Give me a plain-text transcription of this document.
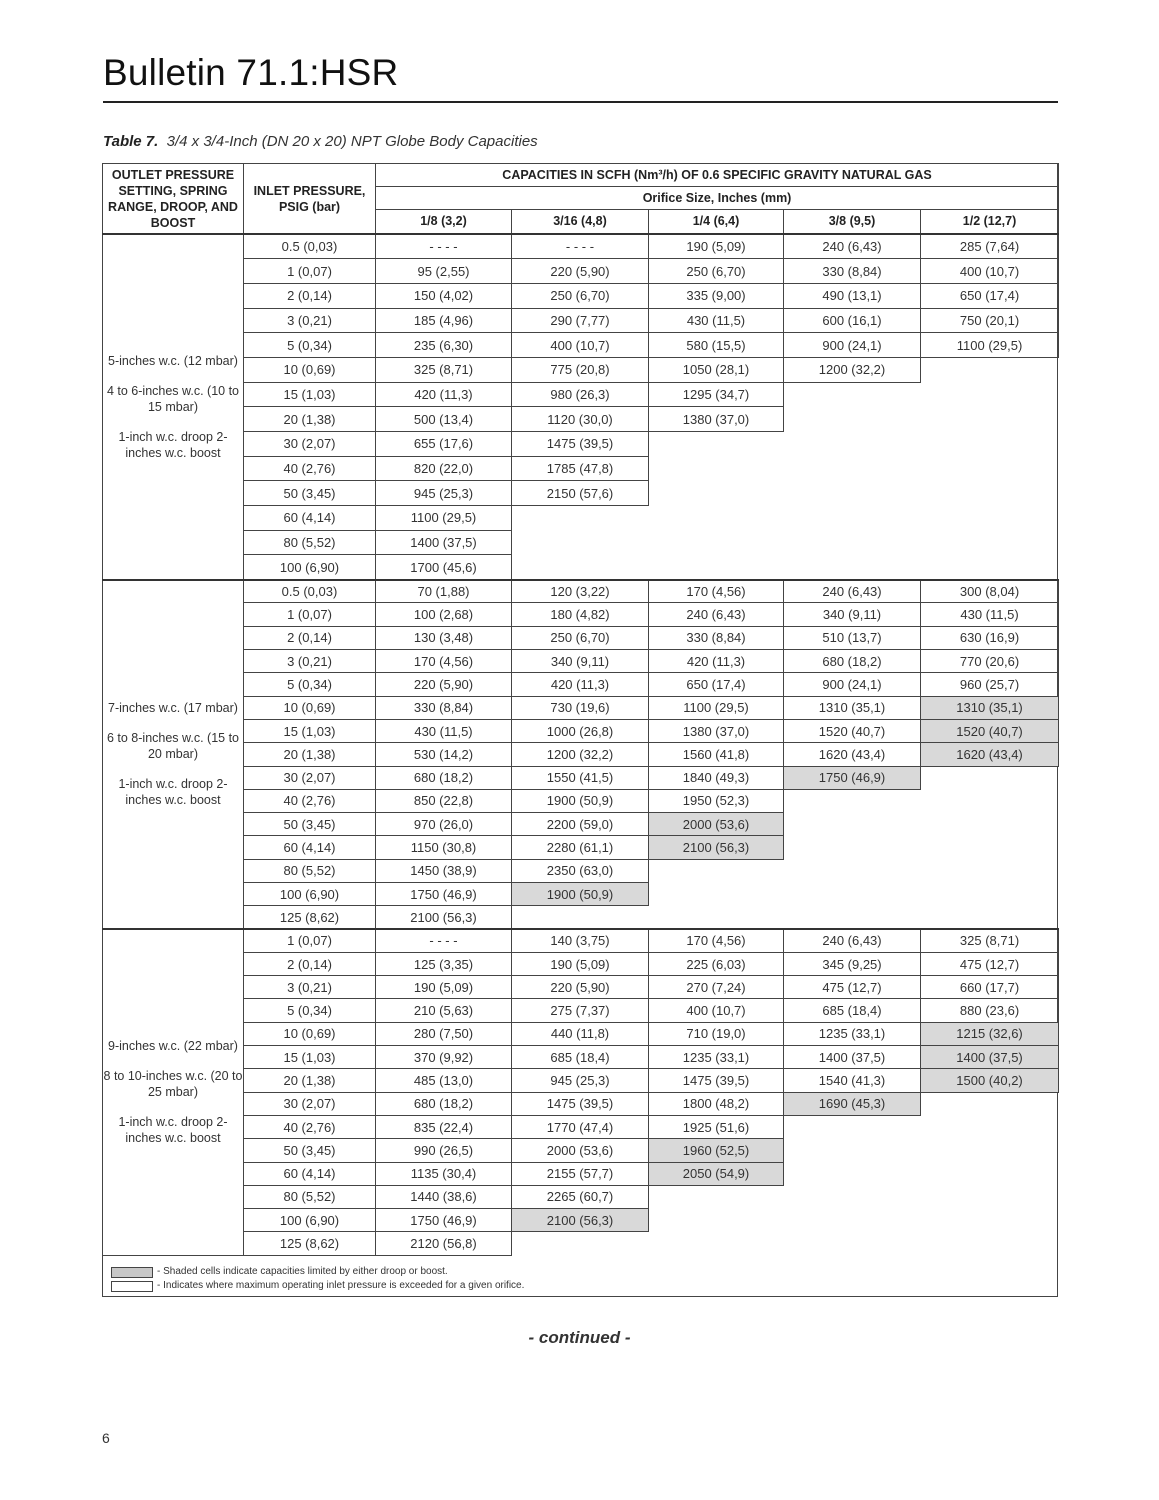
Bulletin 71.1:HSR
Table 7. 3/4 x 3/4-Inch (DN 20 x 20) NPT Globe Body Capacities
OUTLET PRESSURE SETTING, SPRING RANGE, DROOP, AND BOOST	INLET PRESSURE, PSIG (bar)	CAPACITIES IN SCFH (Nm³/h) OF 0.6 SPECIFIC GRAVITY NATURAL GAS				
		Orifice Size, Inches (mm)				
		1/8 (3,2)	3/16 (4,8)	1/4 (6,4)	3/8 (9,5)	1/2 (12,7)

5-inches w.c. (12 mbar)
4 to 6-inches w.c. (10 to 15 mbar)
1-inch w.c. droop 2-inches w.c. boost	0.5 (0,03)	- - - -	- - - -	190 (5,09)	240 (6,43)	285 (7,64)
	1 (0,07)	95 (2,55)	220 (5,90)	250 (6,70)	330 (8,84)	400 (10,7)
	2 (0,14)	150 (4,02)	250 (6,70)	335 (9,00)	490 (13,1)	650 (17,4)
	3 (0,21)	185 (4,96)	290 (7,77)	430 (11,5)	600 (16,1)	750 (20,1)
	5 (0,34)	235 (6,30)	400 (10,7)	580 (15,5)	900 (24,1)	1100 (29,5)
	10 (0,69)	325 (8,71)	775 (20,8)	1050 (28,1)	1200 (32,2)	
	15 (1,03)	420 (11,3)	980 (26,3)	1295 (34,7)		
	20 (1,38)	500 (13,4)	1120 (30,0)	1380 (37,0)		
	30 (2,07)	655 (17,6)	1475 (39,5)			
	40 (2,76)	820 (22,0)	1785 (47,8)			
	50 (3,45)	945 (25,3)	2150 (57,6)			
	60 (4,14)	1100 (29,5)				
	80 (5,52)	1400 (37,5)				
	100 (6,90)	1700 (45,6)				

7-inches w.c. (17 mbar)
6 to 8-inches w.c. (15 to 20 mbar)
1-inch w.c. droop 2-inches w.c. boost	0.5 (0,03)	70 (1,88)	120 (3,22)	170 (4,56)	240 (6,43)	300 (8,04)
	1 (0,07)	100 (2,68)	180 (4,82)	240 (6,43)	340 (9,11)	430 (11,5)
	2 (0,14)	130 (3,48)	250 (6,70)	330 (8,84)	510 (13,7)	630 (16,9)
	3 (0,21)	170 (4,56)	340 (9,11)	420 (11,3)	680 (18,2)	770 (20,6)
	5 (0,34)	220 (5,90)	420 (11,3)	650 (17,4)	900 (24,1)	960 (25,7)
	10 (0,69)	330 (8,84)	730 (19,6)	1100 (29,5)	1310 (35,1)	1310 (35,1)
	15 (1,03)	430 (11,5)	1000 (26,8)	1380 (37,0)	1520 (40,7)	1520 (40,7)
	20 (1,38)	530 (14,2)	1200 (32,2)	1560 (41,8)	1620 (43,4)	1620 (43,4)
	30 (2,07)	680 (18,2)	1550 (41,5)	1840 (49,3)	1750 (46,9)	
	40 (2,76)	850 (22,8)	1900 (50,9)	1950 (52,3)		
	50 (3,45)	970 (26,0)	2200 (59,0)	2000 (53,6)		
	60 (4,14)	1150 (30,8)	2280 (61,1)	2100 (56,3)		
	80 (5,52)	1450 (38,9)	2350 (63,0)			
	100 (6,90)	1750 (46,9)	1900 (50,9)			
	125 (8,62)	2100 (56,3)				

9-inches w.c. (22 mbar)
8 to 10-inches w.c. (20 to 25 mbar)
1-inch w.c. droop 2-inches w.c. boost	1 (0,07)	- - - -	140 (3,75)	170 (4,56)	240 (6,43)	325 (8,71)
	2 (0,14)	125 (3,35)	190 (5,09)	225 (6,03)	345 (9,25)	475 (12,7)
	3 (0,21)	190 (5,09)	220 (5,90)	270 (7,24)	475 (12,7)	660 (17,7)
	5 (0,34)	210 (5,63)	275 (7,37)	400 (10,7)	685 (18,4)	880 (23,6)
	10 (0,69)	280 (7,50)	440 (11,8)	710 (19,0)	1235 (33,1)	1215 (32,6)
	15 (1,03)	370 (9,92)	685 (18,4)	1235 (33,1)	1400 (37,5)	1400 (37,5)
	20 (1,38)	485 (13,0)	945 (25,3)	1475 (39,5)	1540 (41,3)	1500 (40,2)
	30 (2,07)	680 (18,2)	1475 (39,5)	1800 (48,2)	1690 (45,3)	
	40 (2,76)	835 (22,4)	1770 (47,4)	1925 (51,6)		
	50 (3,45)	990 (26,5)	2000 (53,6)	1960 (52,5)		
	60 (4,14)	1135 (30,4)	2155 (57,7)	2050 (54,9)		
	80 (5,52)	1440 (38,6)	2265 (60,7)			
	100 (6,90)	1750 (46,9)	2100 (56,3)			
	125 (8,62)	2120 (56,8)				
- Shaded cells indicate capacities limited by either droop or boost.
- Indicates where maximum operating inlet pressure is exceeded for a given orifice.
- continued -
6
